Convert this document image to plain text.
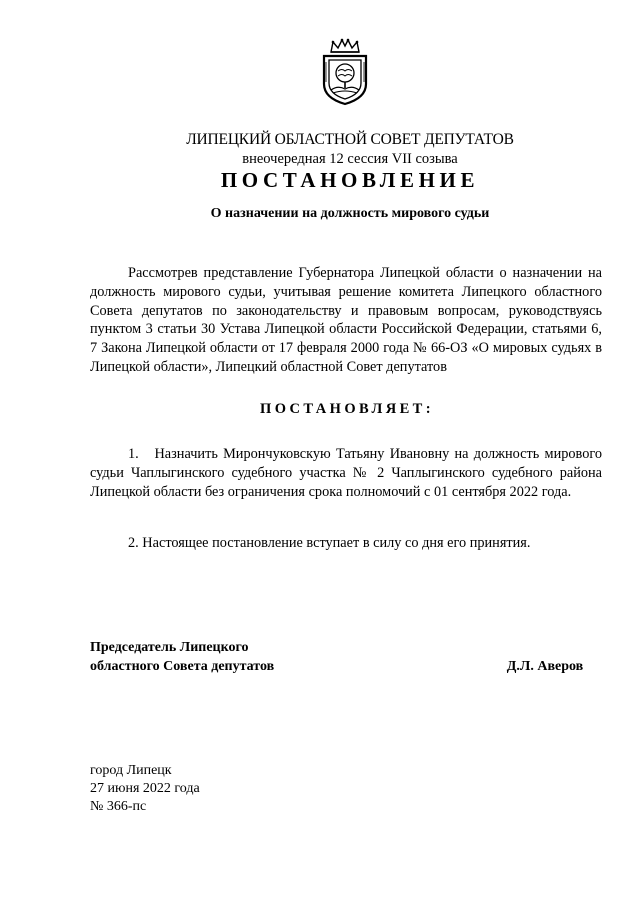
ЛИПЕЦКИЙ ОБЛАСТНОЙ СОВЕТ ДЕПУТАТОВ
внеочередная 12 сессия VII созыва
ПОСТАНОВЛЕНИЕ
О назначении на должность мирового судьи

Рассмотрев представление Губернатора Липецкой области о назначении на должность мирового судьи, учитывая решение комитета Липецкого областного Совета депутатов по законодательству и правовым вопросам, руководствуясь пунктом 3 статьи 30 Устава Липецкой области Российской Федерации, статьями 6, 7 Закона Липецкой области от 17 февраля 2000 года № 66-ОЗ «О мировых судьях в Липецкой области», Липецкий областной Совет депутатов

ПОСТАНОВЛЯЕТ:

1.   Назначить Мирончуковскую Татьяну Ивановну на должность мирового судьи Чаплыгинского судебного участка № 2 Чаплыгинского судебного района Липецкой области без ограничения срока полномочий с 01 сентября 2022 года.

2. Настоящее постановление вступает в силу со дня его принятия.

Председатель Липецкого
областного Совета депутатов	Д.Л. Аверов
город Липецк
27 июня 2022 года
№ 366-пс
